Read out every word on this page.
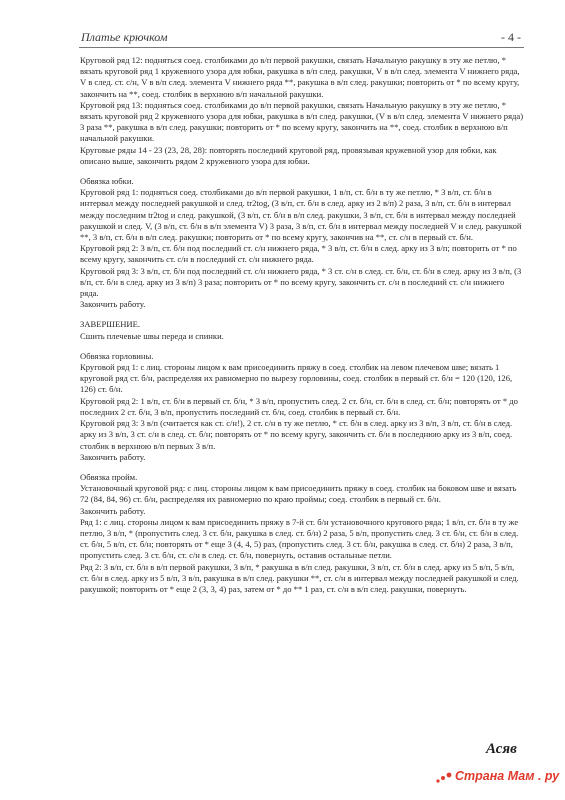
Платье крючком	- 4 -

Круговой ряд 12: подняться соед. столбиками до в/п первой ракушки, связать Начальную ракушку в эту же петлю, * вязать круговой ряд 1 кружевного узора для юбки, ракушка в в/п след. ракушки, V в в/п след. элемента V нижнего ряда, V в след. ст. с/н, V в в/п след. элемента V нижнего ряда **, ракушка в в/п след. ракушки; повторить от * по всему кругу, закончить на **, соед. столбик в верхнюю в/п начальной ракушки.

Круговой ряд 13: подняться соед. столбиками до в/п первой ракушки, связать Начальную ракушку в эту же петлю, * вязать круговой ряд 2 кружевного узора для юбки, ракушка в в/п след. ракушки, (V в в/п след. элемента V нижнего ряда) 3 раза **, ракушка в в/п след. ракушки; повторить от * по всему кругу, закончить на **, соед. столбик в верхнюю в/п начальной ракушки.

Круговые ряды 14 - 23 (23, 28, 28): повторять последний круговой ряд, провязывая кружевной узор для юбки, как описано выше, закончить рядом 2 кружевного узора для юбки.

Обвязка юбки.

Круговой ряд 1: подняться соед. столбиками до в/п первой ракушки, 1 в/п, ст. б/н в ту же петлю, * 3 в/п, ст. б/н в интервал между последней ракушкой и след. tr2tog, (3 в/п, ст. б/н в след. арку из 2 в/п) 2 раза, 3 в/п, ст. б/н в интервал между последним tr2tog и след. ракушкой, (3 в/п, ст. б/н в в/п след. ракушки, 3 в/п, ст. б/н в интервал между последней ракушкой и след. V, (3 в/п, ст. б/н в в/п элемента V) 3 раза, 3 в/п, ст. б/н в интервал между последней V и след. ракушкой **, 3 в/п, ст. б/н в в/п след. ракушки; повторить от * по всему кругу, закончив на **, ст. с/н в первый ст. б/н.

Круговой ряд 2: 3 в/п, ст. б/н под последний ст. с/н нижнего ряда, * 3 в/п, ст. б/н в след. арку из 3 в/п; повторить от * по всему кругу, закончить ст. с/н в последний ст. с/н нижнего ряда.

Круговой ряд 3: 3 в/п, ст. б/н под последний ст. с/н нижнего ряда, * 3 ст. с/н в след. ст. б/н, ст. б/н в след. арку из 3 в/п, (3 в/п, ст. б/н в след. арку из 3 в/п) 3 раза; повторить от * по всему кругу, закончить ст. с/н в последний ст. с/н нижнего ряда.

Закончить работу.

ЗАВЕРШЕНИЕ.

Сшить плечевые швы переда и спинки.

Обвязка горловины.

Круговой ряд 1: с лиц. стороны лицом к вам присоединить пряжу в соед. столбик на левом плечевом шве; вязать 1 круговой ряд ст. б/н, распределяя их равномерно по вырезу горловины, соед. столбик в первый ст. б/н = 120 (120, 126, 126) ст. б/н.

Круговой ряд 2: 1 в/п, ст. б/н в первый ст. б/н, * 3 в/п, пропустить след. 2 ст. б/н, ст. б/н в след. ст. б/н; повторять от * до последних 2 ст. б/н, 3 в/п, пропустить последний ст. б/н, соед. столбик в первый ст. б/н.

Круговой ряд 3: 3 в/п (считается как ст. с/н!), 2 ст. с/н в ту же петлю, * ст. б/н в след. арку из 3 в/п, 3 в/п, ст. б/н в след. арку из 3 в/п, 3 ст. с/н в след. ст. б/н; повторять от * по всему кругу, закончить ст. б/н в последнюю арку из 3 в/п, соед. столбик в верхнюю в/п первых 3 в/п.

Закончить работу.

Обвязка пройм.

Установочный круговой ряд: с лиц. стороны лицом к вам присоединить пряжу в соед. столбик на боковом шве и вязать 72 (84, 84, 96) ст. б/н, распределяя их равномерно по краю проймы; соед. столбик в первый ст. б/н.

Закончить работу.

Ряд 1: с лиц. стороны лицом к вам присоединить пряжу в 7-й ст. б/н установочного кругового ряда; 1 в/п, ст. б/н в ту же петлю, 3 в/п, * (пропустить след. 3 ст. б/н, ракушка в след. ст. б/н) 2 раза, 5 в/п, пропустить след. 3 ст. б/н, ст. б/н в след. ст. б/н, 5 в/п, ст. б/н; повторять от * еще 3 (4, 4, 5) раз, (пропустить след. 3 ст. б/н, ракушка в след. ст. б/н) 2 раза, 3 в/п, пропустить след. 3 ст. б/н, ст. с/н в след. ст. б/н, повернуть, оставив остальные петли.

Ряд 2: 3 в/п, ст. б/н в в/п первой ракушки, 3 в/п, * ракушка в в/п след. ракушки, 3 в/п, ст. б/н в след. арку из 5 в/п, 5 в/п, ст. б/н в след. арку из 5 в/п, 3 в/п, ракушка в в/п след. ракушки **, ст. с/н в интервал между последней ракушкой и след. ракушкой; повторить от * еще 2 (3, 3, 4) раз, затем от * до ** 1 раз, ст. с/н в в/п след. ракушки, повернуть.

Асяв
Страна Мам . ру
